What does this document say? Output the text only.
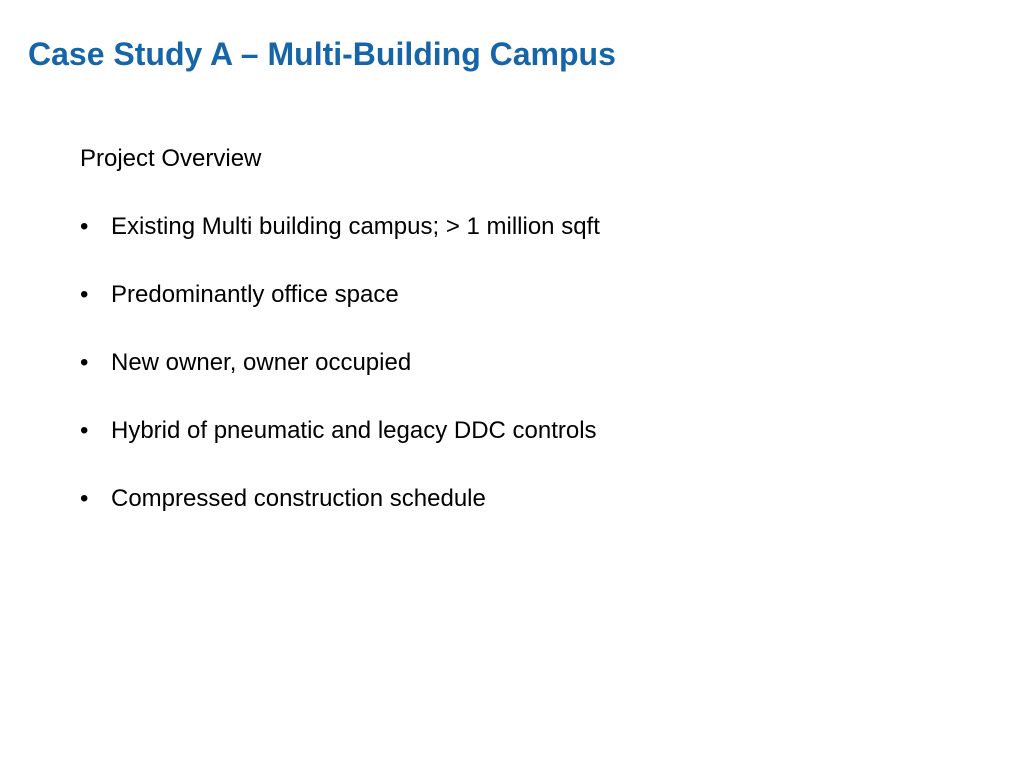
Case Study A – Multi-Building Campus

Project Overview

• Existing Multi building campus; > 1 million sqft
• Predominantly office space
• New owner, owner occupied
• Hybrid of pneumatic and legacy DDC controls
• Compressed construction schedule
